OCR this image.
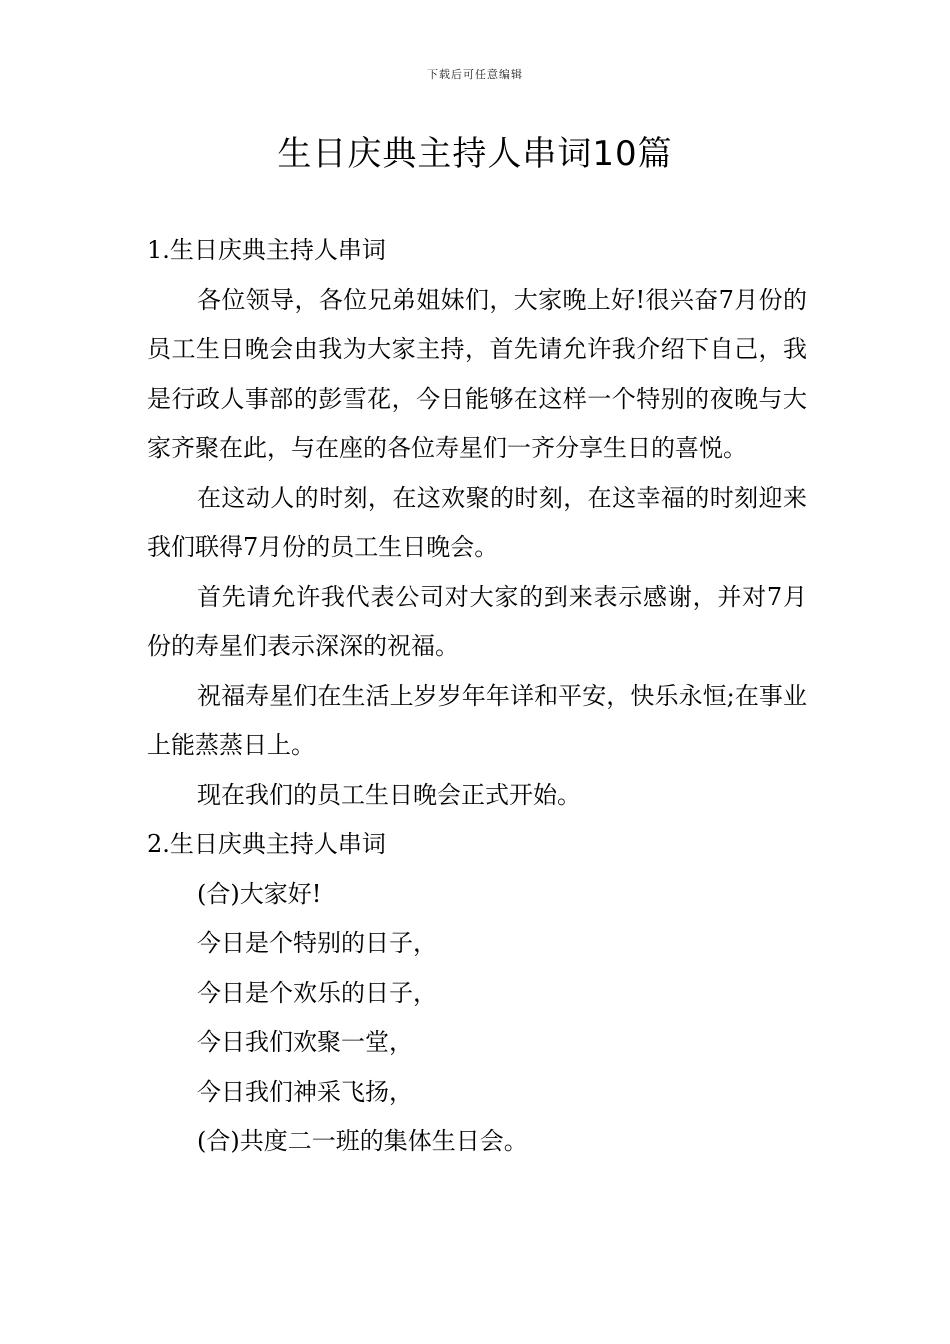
下载后可任意编辑
生日庆典主持人串词10篇

1.生日庆典主持人串词

各位领导，各位兄弟姐妹们，大家晚上好!很兴奋7月份的员工生日晚会由我为大家主持，首先请允许我介绍下自己，我是行政人事部的彭雪花，今日能够在这样一个特别的夜晚与大家齐聚在此，与在座的各位寿星们一齐分享生日的喜悦。

在这动人的时刻，在这欢聚的时刻，在这幸福的时刻迎来我们联得7月份的员工生日晚会。

首先请允许我代表公司对大家的到来表示感谢，并对7月份的寿星们表示深深的祝福。

祝福寿星们在生活上岁岁年年详和平安，快乐永恒;在事业上能蒸蒸日上。

现在我们的员工生日晚会正式开始。

2.生日庆典主持人串词

(合)大家好!

今日是个特别的日子，

今日是个欢乐的日子，

今日我们欢聚一堂，

今日我们神采飞扬，

(合)共度二一班的集体生日会。
